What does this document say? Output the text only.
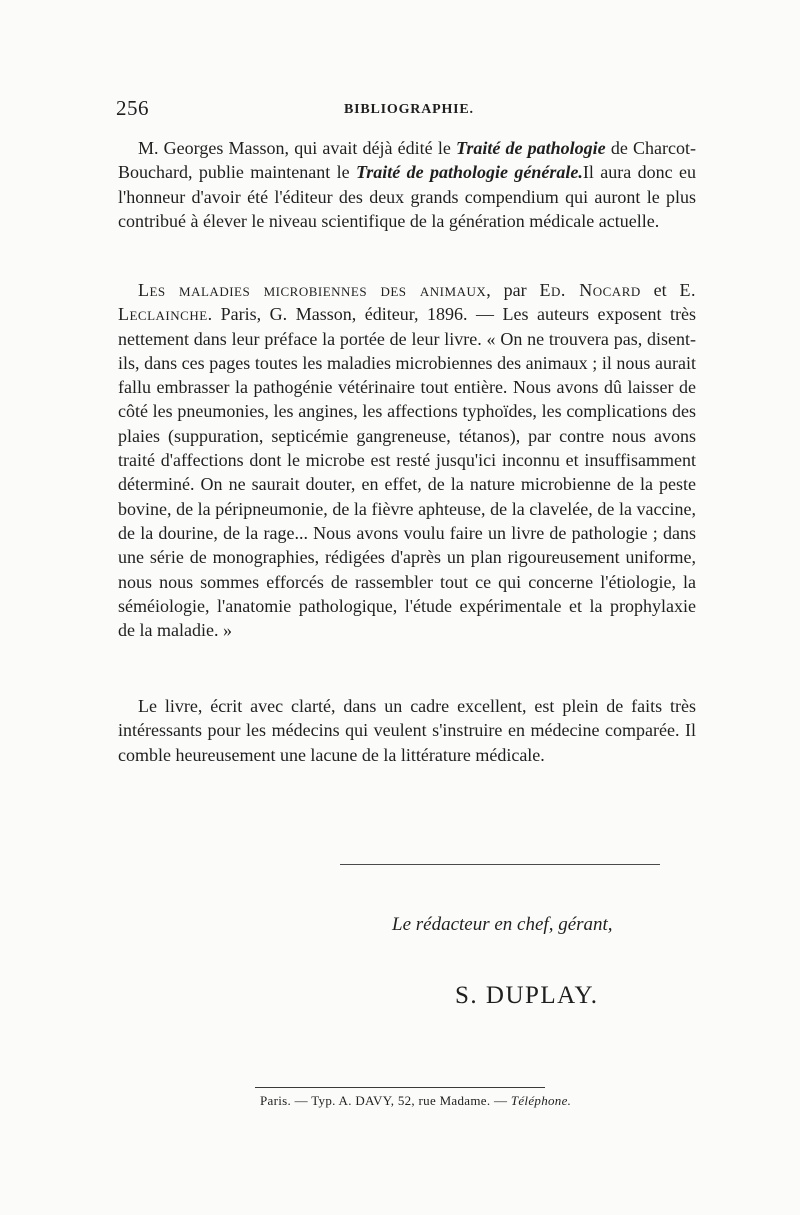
256	BIBLIOGRAPHIE.
M. Georges Masson, qui avait déjà édité le Traité de pathologie de Charcot-Bouchard, publie maintenant le Traité de pathologie générale.Il aura donc eu l'honneur d'avoir été l'éditeur des deux grands compendium qui auront le plus contribué à élever le niveau scientifique de la génération médicale actuelle.
Les maladies microbiennes des animaux, par Ed. Nocard et E. Leclainche. Paris, G. Masson, éditeur, 1896. — Les auteurs exposent très nettement dans leur préface la portée de leur livre. « On ne trouvera pas, disent-ils, dans ces pages toutes les maladies microbiennes des animaux ; il nous aurait fallu embrasser la pathogénie vétérinaire tout entière. Nous avons dû laisser de côté les pneumonies, les angines, les affections typhoïdes, les complications des plaies (suppuration, septicémie gangreneuse, tétanos), par contre nous avons traité d'affections dont le microbe est resté jusqu'ici inconnu et insuffisamment déterminé. On ne saurait douter, en effet, de la nature microbienne de la peste bovine, de la péripneumonie, de la fièvre aphteuse, de la clavelée, de la vaccine, de la dourine, de la rage... Nous avons voulu faire un livre de pathologie ; dans une série de monographies, rédigées d'après un plan rigoureusement uniforme, nous nous sommes efforcés de rassembler tout ce qui concerne l'étiologie, la séméiologie, l'anatomie pathologique, l'étude expérimentale et la prophylaxie de la maladie. »
Le livre, écrit avec clarté, dans un cadre excellent, est plein de faits très intéressants pour les médecins qui veulent s'instruire en médecine comparée. Il comble heureusement une lacune de la littérature médicale.
Le rédacteur en chef, gérant,
S. DUPLAY.
Paris. — Typ. A. DAVY, 52, rue Madame. — Téléphone.
